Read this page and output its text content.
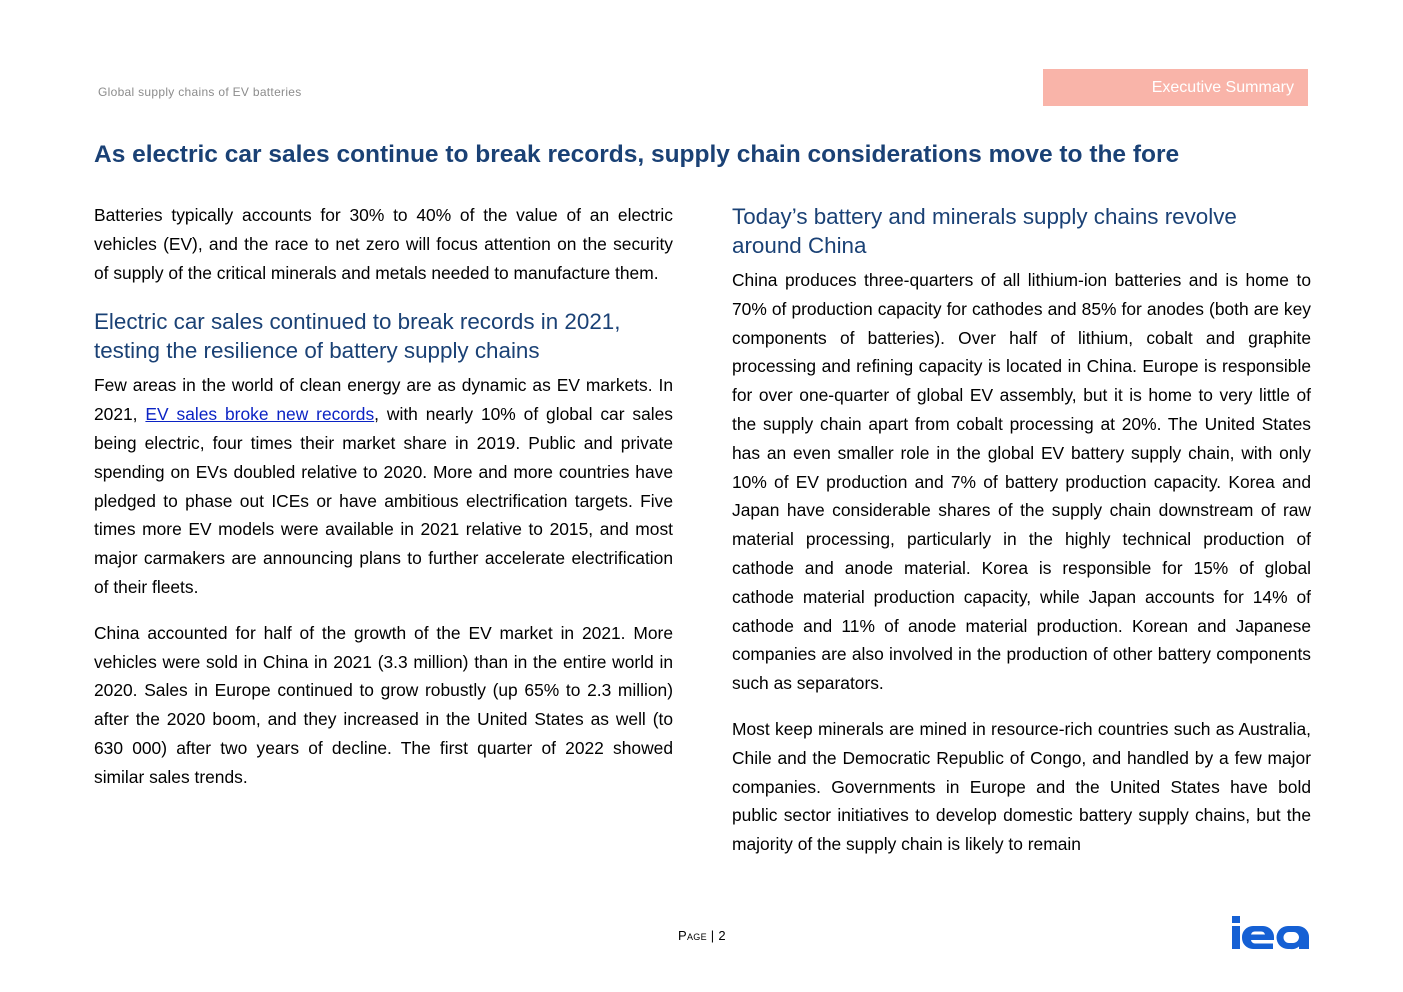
Global supply chains of EV batteries	Executive Summary
As electric car sales continue to break records, supply chain considerations move to the fore

Batteries typically accounts for 30% to 40% of the value of an electric vehicles (EV), and the race to net zero will focus attention on the security of supply of the critical minerals and metals needed to manufacture them.

Electric car sales continued to break records in 2021, testing the resilience of battery supply chains

Few areas in the world of clean energy are as dynamic as EV markets. In 2021, EV sales broke new records, with nearly 10% of global car sales being electric, four times their market share in 2019. Public and private spending on EVs doubled relative to 2020. More and more countries have pledged to phase out ICEs or have ambitious electrification targets. Five times more EV models were available in 2021 relative to 2015, and most major carmakers are announcing plans to further accelerate electrification of their fleets.

China accounted for half of the growth of the EV market in 2021. More vehicles were sold in China in 2021 (3.3 million) than in the entire world in 2020. Sales in Europe continued to grow robustly (up 65% to 2.3 million) after the 2020 boom, and they increased in the United States as well (to 630 000) after two years of decline. The first quarter of 2022 showed similar sales trends.

Today’s battery and minerals supply chains revolve around China

China produces three-quarters of all lithium-ion batteries and is home to 70% of production capacity for cathodes and 85% for anodes (both are key components of batteries). Over half of lithium, cobalt and graphite processing and refining capacity is located in China. Europe is responsible for over one-quarter of global EV assembly, but it is home to very little of the supply chain apart from cobalt processing at 20%. The United States has an even smaller role in the global EV battery supply chain, with only 10% of EV production and 7% of battery production capacity. Korea and Japan have considerable shares of the supply chain downstream of raw material processing, particularly in the highly technical production of cathode and anode material. Korea is responsible for 15% of global cathode material production capacity, while Japan accounts for 14% of cathode and 11% of anode material production. Korean and Japanese companies are also involved in the production of other battery components such as separators.

Most keep minerals are mined in resource-rich countries such as Australia, Chile and the Democratic Republic of Congo, and handled by a few major companies. Governments in Europe and the United States have bold public sector initiatives to develop domestic battery supply chains, but the majority of the supply chain is likely to remain

Page | 2
